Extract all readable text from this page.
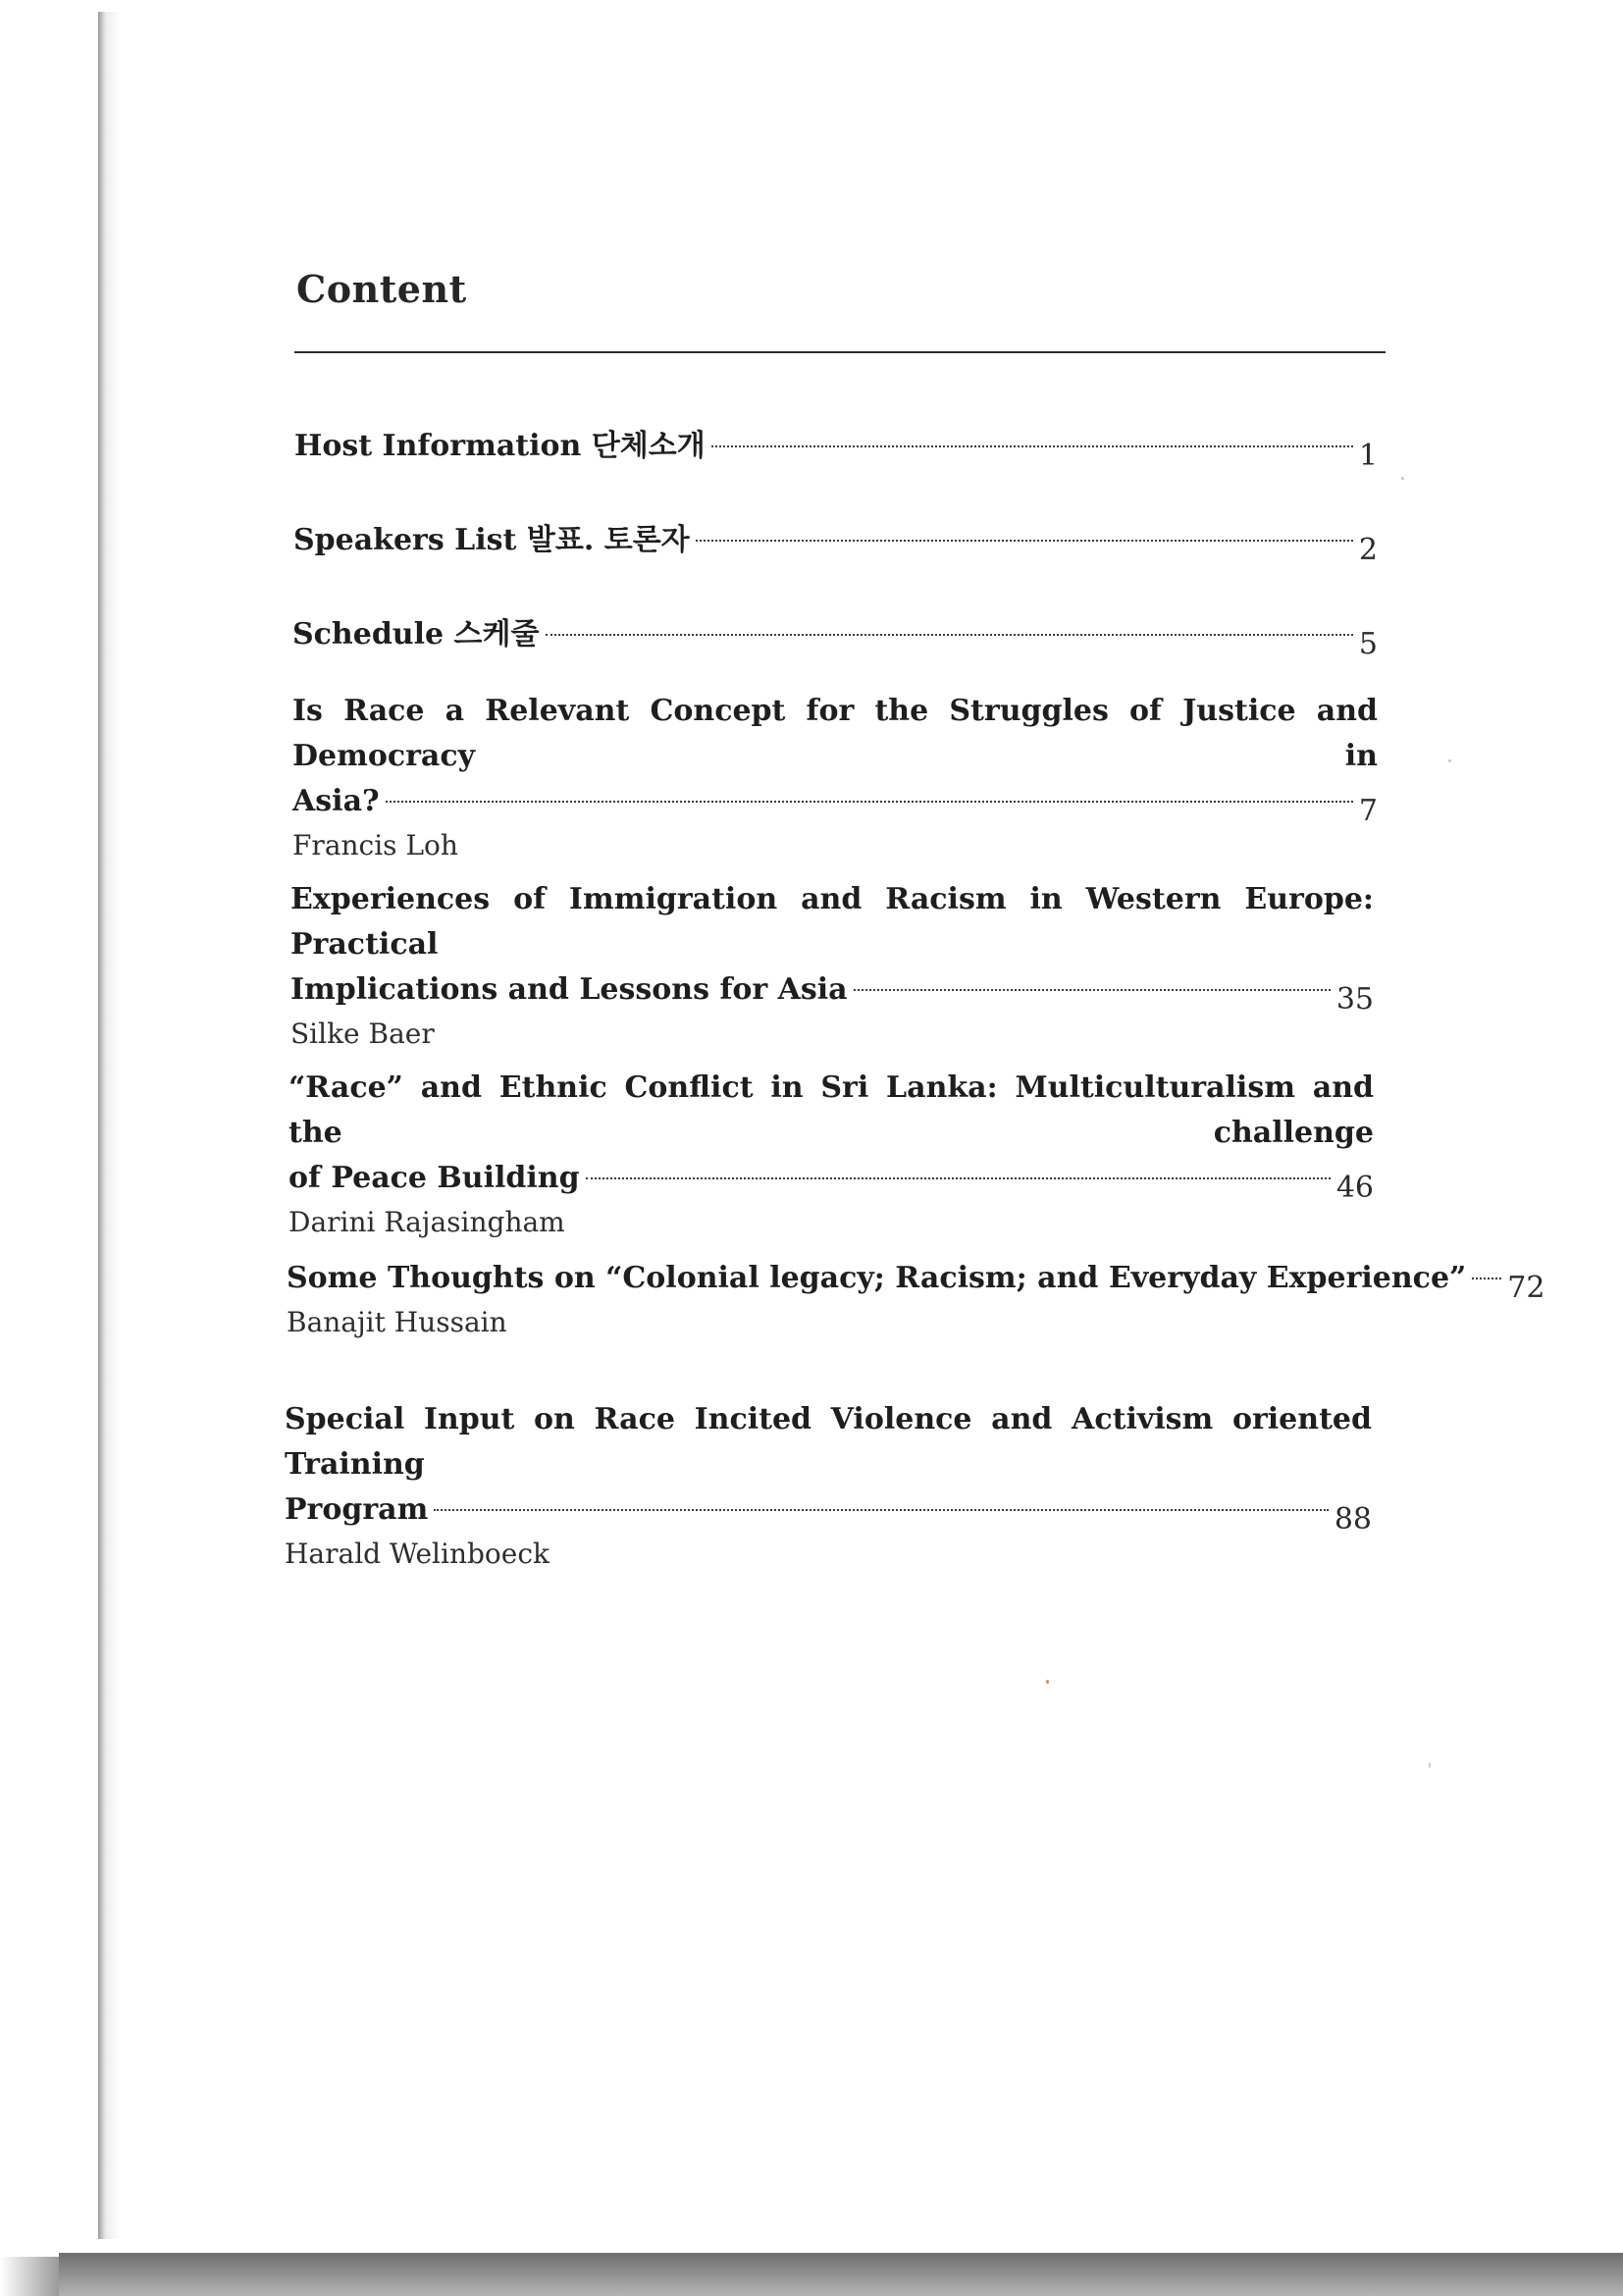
Content
Host Information 단체소개	1
Speakers List 발표. 토론자	2
Schedule 스케줄	5
Is Race a Relevant Concept for the Struggles of Justice and Democracy in
Asia?	7
Francis Loh
Experiences of Immigration and Racism in Western Europe: Practical
Implications and Lessons for Asia	35
Silke Baer
“Race” and Ethnic Conflict in Sri Lanka: Multiculturalism and the challenge
of Peace Building	46
Darini Rajasingham
Some Thoughts on “Colonial legacy; Racism; and Everyday Experience” 72
Banajit Hussain
Special Input on Race Incited Violence and Activism oriented Training
Program	88
Harald Welinboeck
